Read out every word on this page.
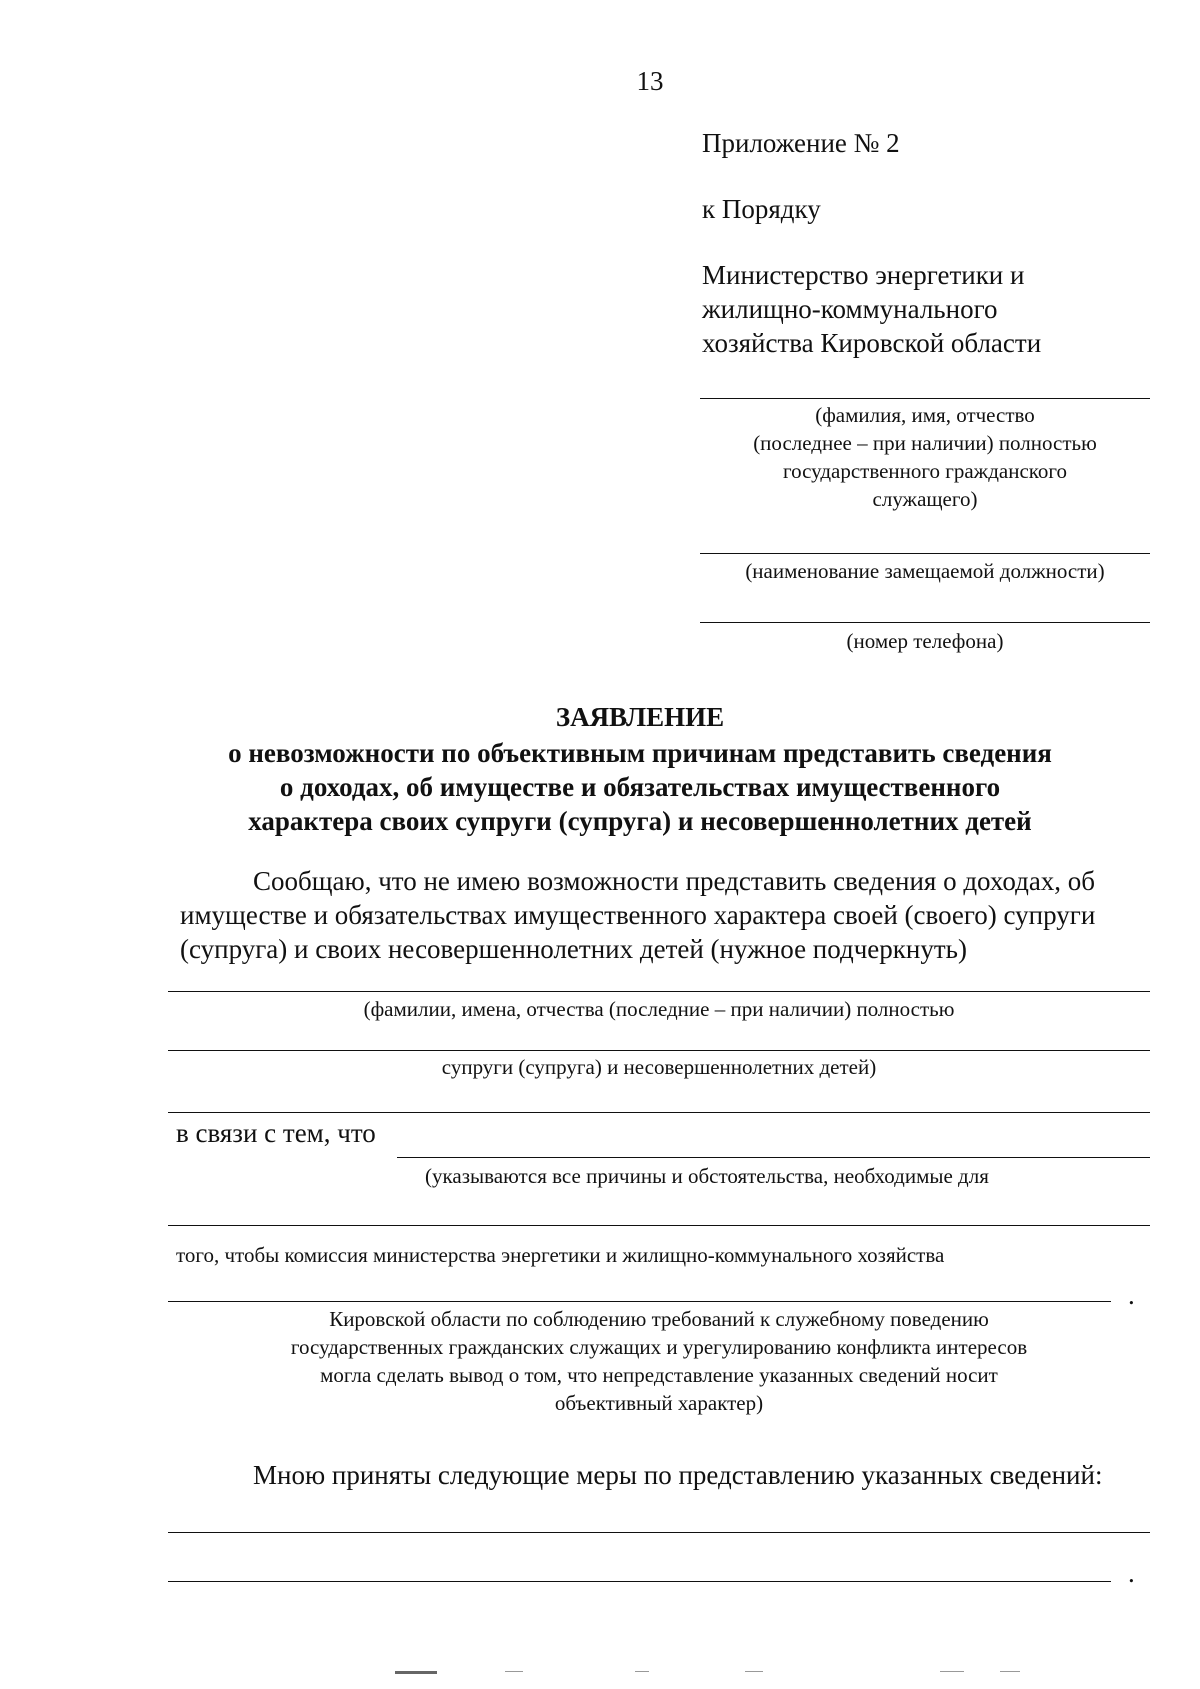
13
Приложение № 2
к Порядку
Министерство энергетики и
жилищно-коммунального
хозяйства Кировской области
(фамилия, имя, отчество
(последнее – при наличии) полностью
государственного гражданского
служащего)
(наименование замещаемой должности)
(номер телефона)
ЗАЯВЛЕНИЕ
о невозможности по объективным причинам представить сведения
о доходах, об имуществе и обязательствах имущественного
характера своих супруги (супруга) и несовершеннолетних детей
Сообщаю, что не имею возможности представить сведения о доходах, об
имуществе и обязательствах имущественного характера своей (своего) супруги
(супруга) и своих несовершеннолетних детей (нужное подчеркнуть)
(фамилии, имена, отчества (последние – при наличии) полностью
супруги (супруга) и несовершеннолетних детей)
в связи с тем, что
(указываются все причины и обстоятельства, необходимые для
того, чтобы комиссия министерства энергетики и жилищно-коммунального хозяйства
.
Кировской области по соблюдению требований к служебному поведению
государственных гражданских служащих и урегулированию конфликта интересов
могла сделать вывод о том, что непредставление указанных сведений носит
объективный характер)
Мною приняты следующие меры по представлению указанных сведений:
.
